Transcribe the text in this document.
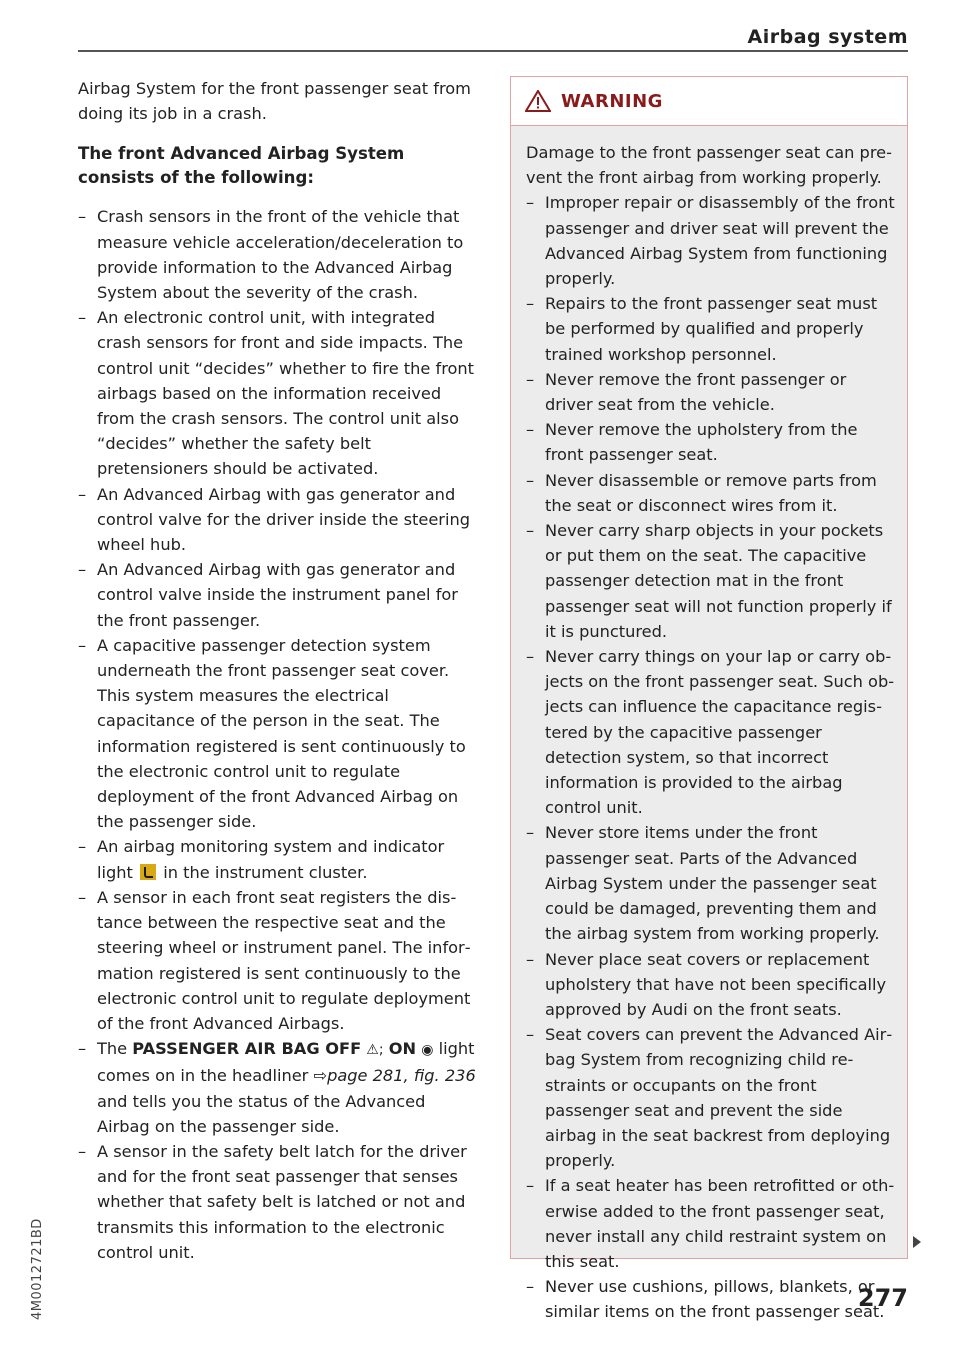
Airbag system
4M0012721BD

Airbag System for the front passenger seat from doing its job in a crash.

The front Advanced Airbag System consists of the following:

– Crash sensors in the front of the vehicle that measure vehicle acceleration/deceleration to provide information to the Advanced Airbag System about the severity of the crash.
– An electronic control unit, with integrated crash sensors for front and side impacts. The control unit “decides” whether to fire the front airbags based on the information received from the crash sensors. The control unit also “decides” whether the safety belt pretensioners should be activated.
– An Advanced Airbag with gas generator and control valve for the driver inside the steering wheel hub.
– An Advanced Airbag with gas generator and control valve inside the instrument panel for the front passenger.
– A capacitive passenger detection system underneath the front passenger seat cover. This system measures the electrical capacitance of the person in the seat. The information registered is sent continuously to the electronic control unit to regulate deployment of the front Advanced Airbag on the passenger side.
– An airbag monitoring system and indicator light in the instrument cluster.
– A sensor in each front seat registers the distance between the respective seat and the steering wheel or instrument panel. The information registered is sent continuously to the electronic control unit to regulate deployment of the front Advanced Airbags.
– The PASSENGER AIR BAG OFF ⚠; ON ◉ light comes on in the headliner ⇨page 281, fig. 236 and tells you the status of the Advanced Airbag on the passenger side.
– A sensor in the safety belt latch for the driver and for the front seat passenger that senses whether that safety belt is latched or not and transmits this information to the electronic control unit.
WARNING

Damage to the front passenger seat can prevent the front airbag from working properly.

– Improper repair or disassembly of the front passenger and driver seat will prevent the Advanced Airbag System from functioning properly.
– Repairs to the front passenger seat must be performed by qualified and properly trained workshop personnel.
– Never remove the front passenger or driver seat from the vehicle.
– Never remove the upholstery from the front passenger seat.
– Never disassemble or remove parts from the seat or disconnect wires from it.
– Never carry sharp objects in your pockets or put them on the seat. The capacitive passenger detection mat in the front passenger seat will not function properly if it is punctured.
– Never carry things on your lap or carry objects on the front passenger seat. Such objects can influence the capacitance registered by the capacitive passenger detection system, so that incorrect information is provided to the airbag control unit.
– Never store items under the front passenger seat. Parts of the Advanced Airbag System under the passenger seat could be damaged, preventing them and the airbag system from working properly.
– Never place seat covers or replacement upholstery that have not been specifically approved by Audi on the front seats.
– Seat covers can prevent the Advanced Airbag System from recognizing child restraints or occupants on the front passenger seat and prevent the side airbag in the seat backrest from deploying properly.
– If a seat heater has been retrofitted or otherwise added to the front passenger seat, never install any child restraint system on this seat.
– Never use cushions, pillows, blankets, or similar items on the front passenger seat.
277
